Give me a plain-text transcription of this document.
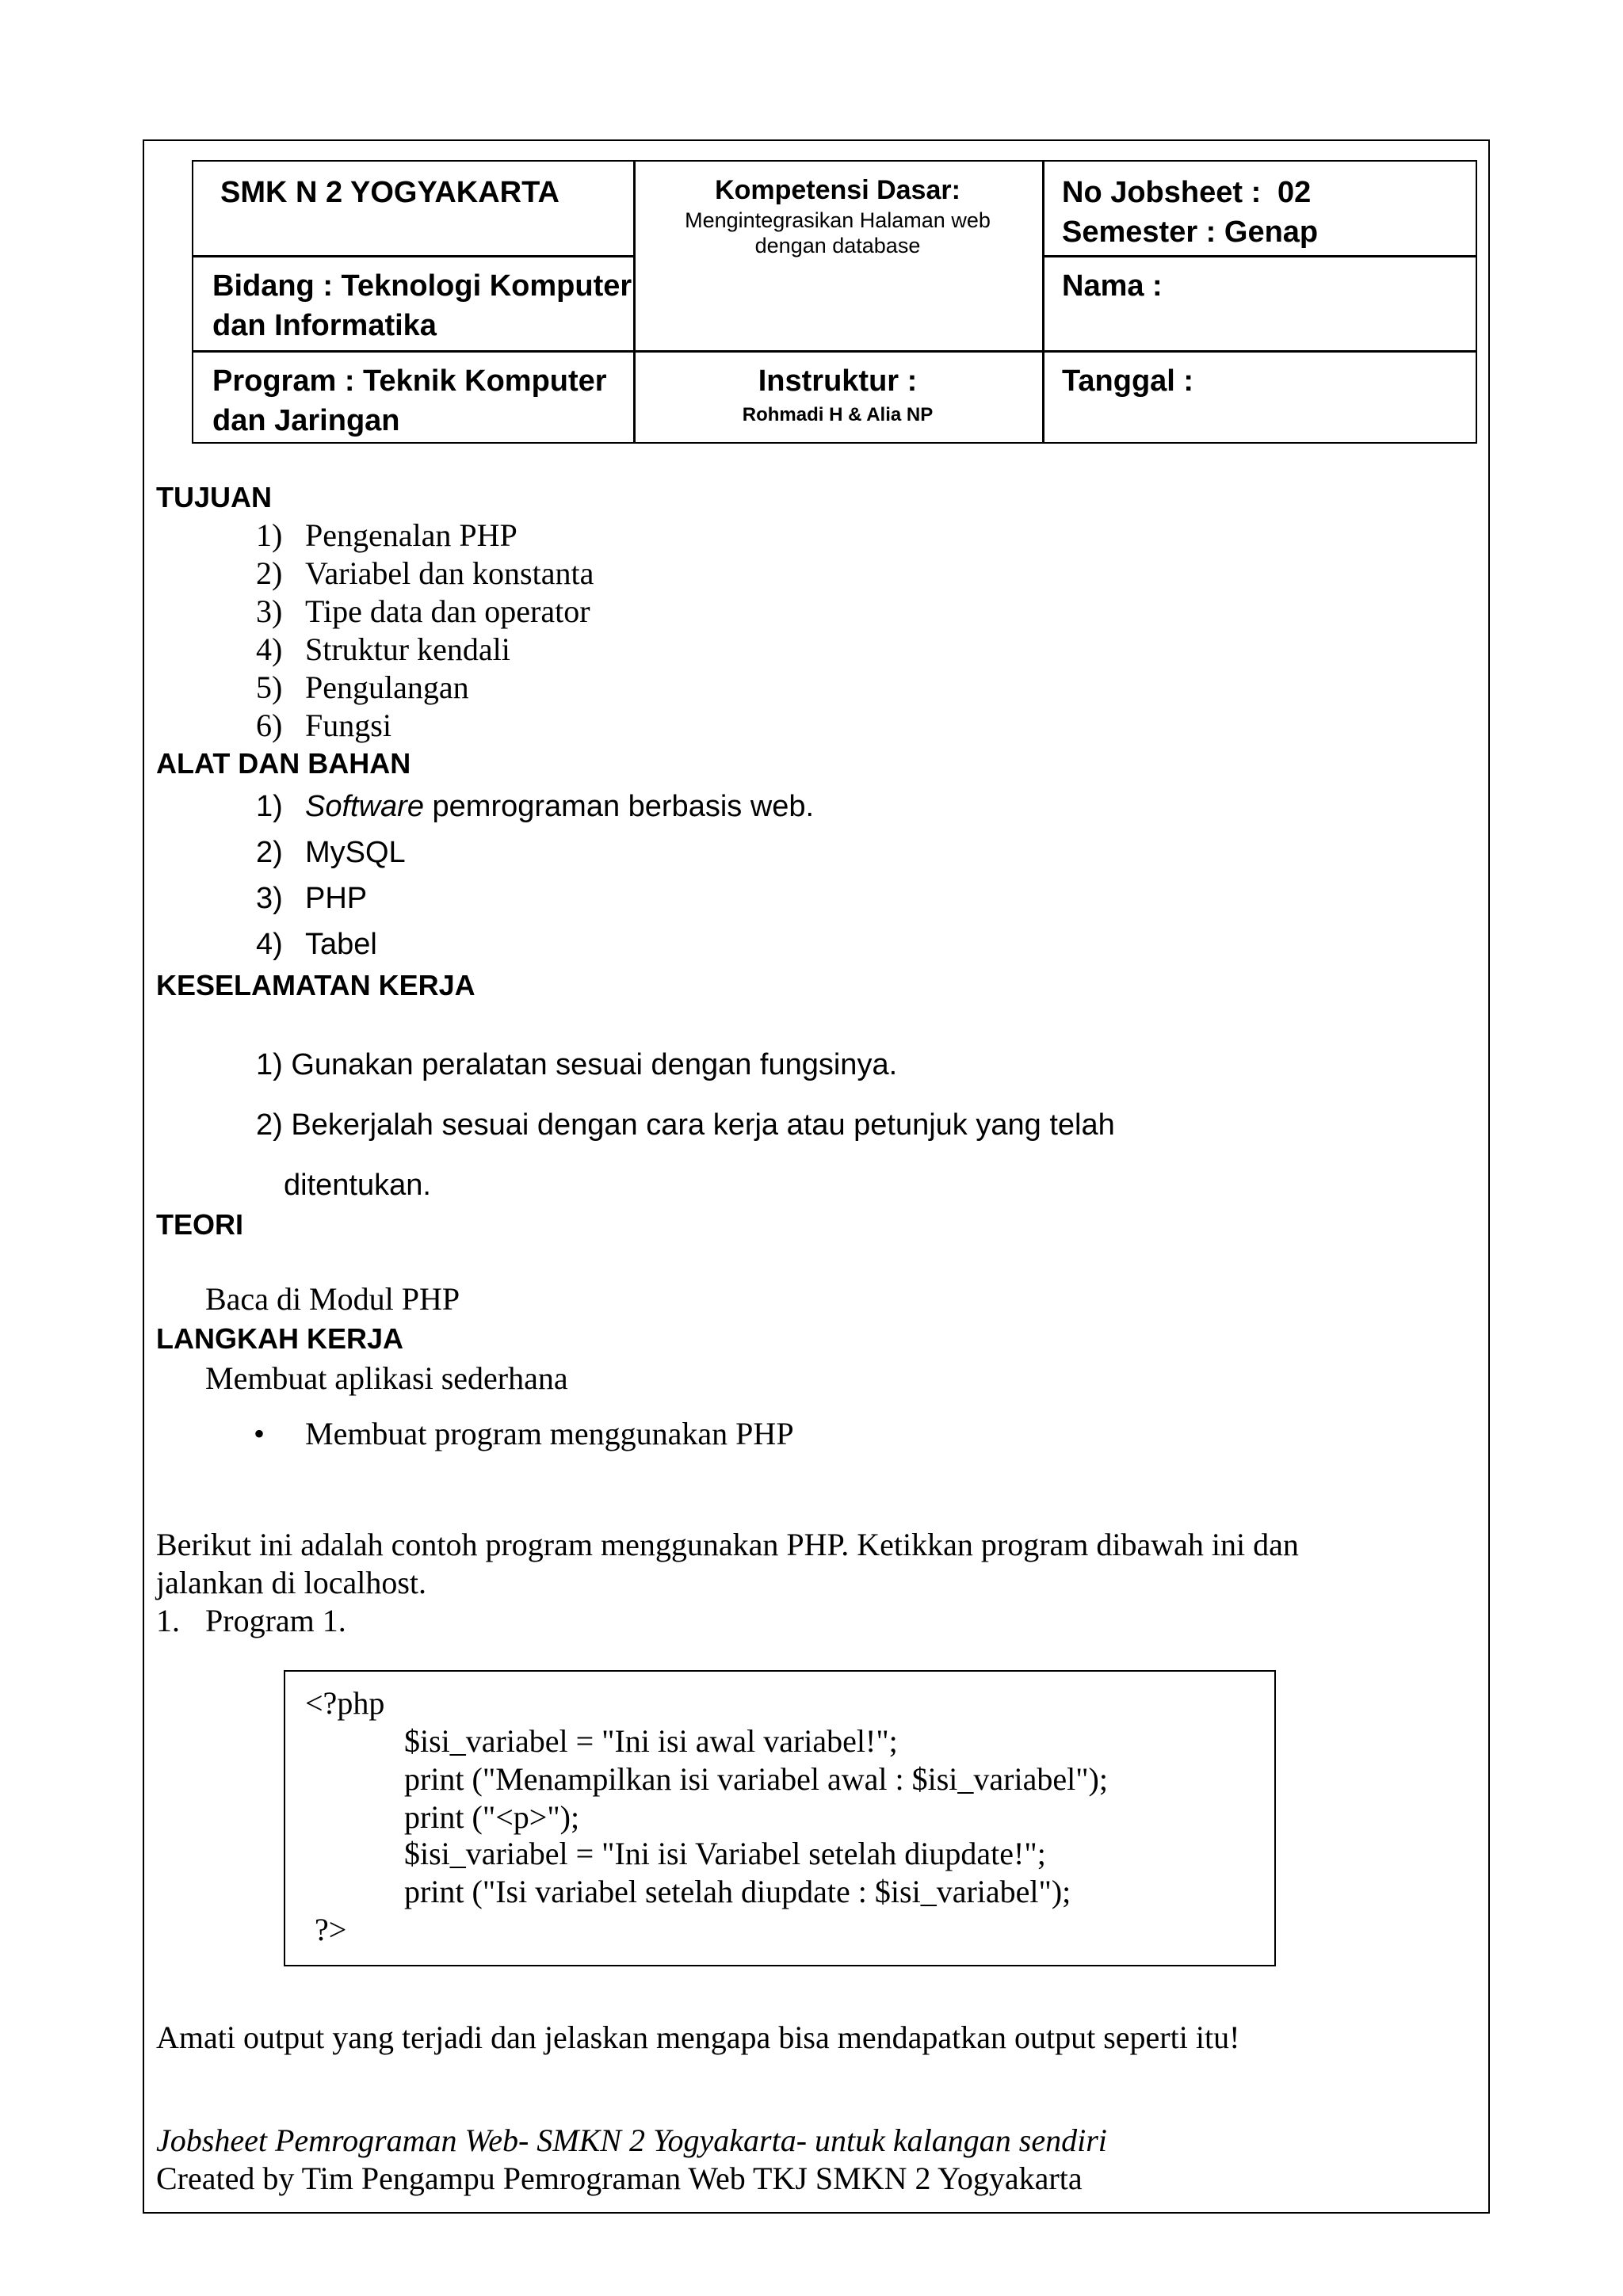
SMK N 2 YOGYAKARTA	Kompetensi Dasar:
Mengintegrasikan Halaman web
dengan database
No Jobsheet : 02
Semester : Genap
Bidang : Teknologi Komputer
dan Informatika
Nama :
Program : Teknik Komputer
dan Jaringan
Instruktur :
Rohmadi H & Alia NP
Tanggal :
TUJUAN
1) Pengenalan PHP
2) Variabel dan konstanta
3) Tipe data dan operator
4) Struktur kendali
5) Pengulangan
6) Fungsi
ALAT DAN BAHAN
1) Software pemrograman berbasis web.
2) MySQL
3) PHP
4) Tabel
KESELAMATAN KERJA
1) Gunakan peralatan sesuai dengan fungsinya.
2) Bekerjalah sesuai dengan cara kerja atau petunjuk yang telah
ditentukan.
TEORI
Baca di Modul PHP
LANGKAH KERJA
Membuat aplikasi sederhana
• Membuat program menggunakan PHP
Berikut ini adalah contoh program menggunakan PHP. Ketikkan program dibawah ini dan
jalankan di localhost.
1. Program 1.
<?php
$isi_variabel = "Ini isi awal variabel!";
print ("Menampilkan isi variabel awal : $isi_variabel");
print ("<p>");
$isi_variabel = "Ini isi Variabel setelah diupdate!";
print ("Isi variabel setelah diupdate : $isi_variabel");
?>
Amati output yang terjadi dan jelaskan mengapa bisa mendapatkan output seperti itu!
Jobsheet Pemrograman Web- SMKN 2 Yogyakarta- untuk kalangan sendiri
Created by Tim Pengampu Pemrograman Web TKJ SMKN 2 Yogyakarta
